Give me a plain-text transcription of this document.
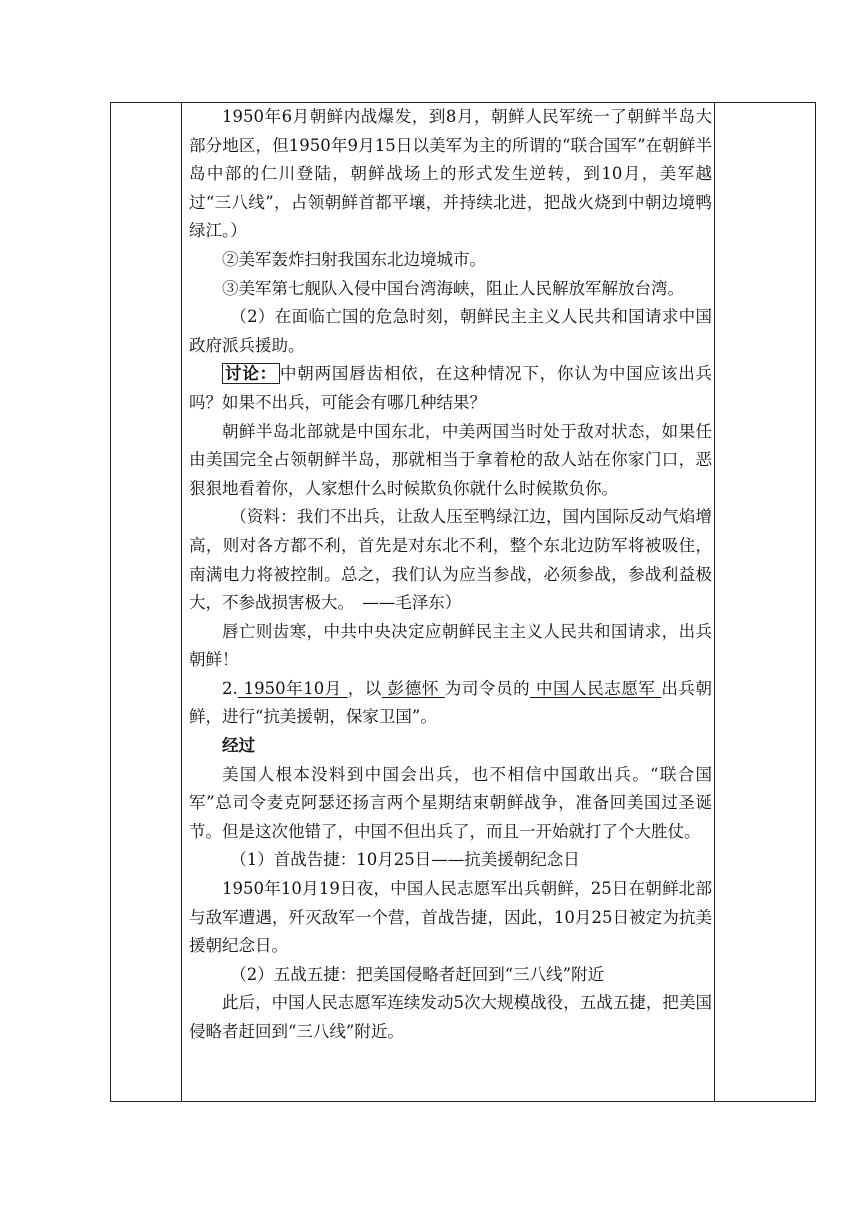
1950年6月朝鲜内战爆发，到8月，朝鲜人民军统一了朝鲜半岛大部分地区，但1950年9月15日以美军为主的所谓的“联合国军”在朝鲜半岛中部的仁川登陆，朝鲜战场上的形式发生逆转，到10月，美军越过“三八线”，占领朝鲜首都平壤，并持续北进，把战火烧到中朝边境鸭绿江。）

②美军轰炸扫射我国东北边境城市。

③美军第七舰队入侵中国台湾海峡，阻止人民解放军解放台湾。

（2）在面临亡国的危急时刻，朝鲜民主主义人民共和国请求中国政府派兵援助。

讨论： 中朝两国唇齿相依，在这种情况下，你认为中国应该出兵吗？如果不出兵，可能会有哪几种结果？

朝鲜半岛北部就是中国东北，中美两国当时处于敌对状态，如果任由美国完全占领朝鲜半岛，那就相当于拿着枪的敌人站在你家门口，恶狠狠地看着你，人家想什么时候欺负你就什么时候欺负你。

（资料：我们不出兵，让敌人压至鸭绿江边，国内国际反动气焰增高，则对各方都不利，首先是对东北不利，整个东北边防军将被吸住，南满电力将被控制。总之，我们认为应当参战，必须参战，参战利益极大，不参战损害极大。　——毛泽东）

唇亡则齿寒，中共中央决定应朝鲜民主主义人民共和国请求，出兵朝鲜！

2. 1950年10月 ，以 彭德怀 为司令员的 中国人民志愿军 出兵朝鲜，进行“抗美援朝，保家卫国”。

经过

美国人根本没料到中国会出兵，也不相信中国敢出兵。“联合国军”总司令麦克阿瑟还扬言两个星期结束朝鲜战争，准备回美国过圣诞节。但是这次他错了，中国不但出兵了，而且一开始就打了个大胜仗。

（1）首战告捷：10月25日——抗美援朝纪念日

1950年10月19日夜，中国人民志愿军出兵朝鲜，25日在朝鲜北部与敌军遭遇，歼灭敌军一个营，首战告捷，因此，10月25日被定为抗美援朝纪念日。

（2）五战五捷：把美国侵略者赶回到“三八线”附近

此后，中国人民志愿军连续发动5次大规模战役，五战五捷，把美国侵略者赶回到“三八线”附近。
